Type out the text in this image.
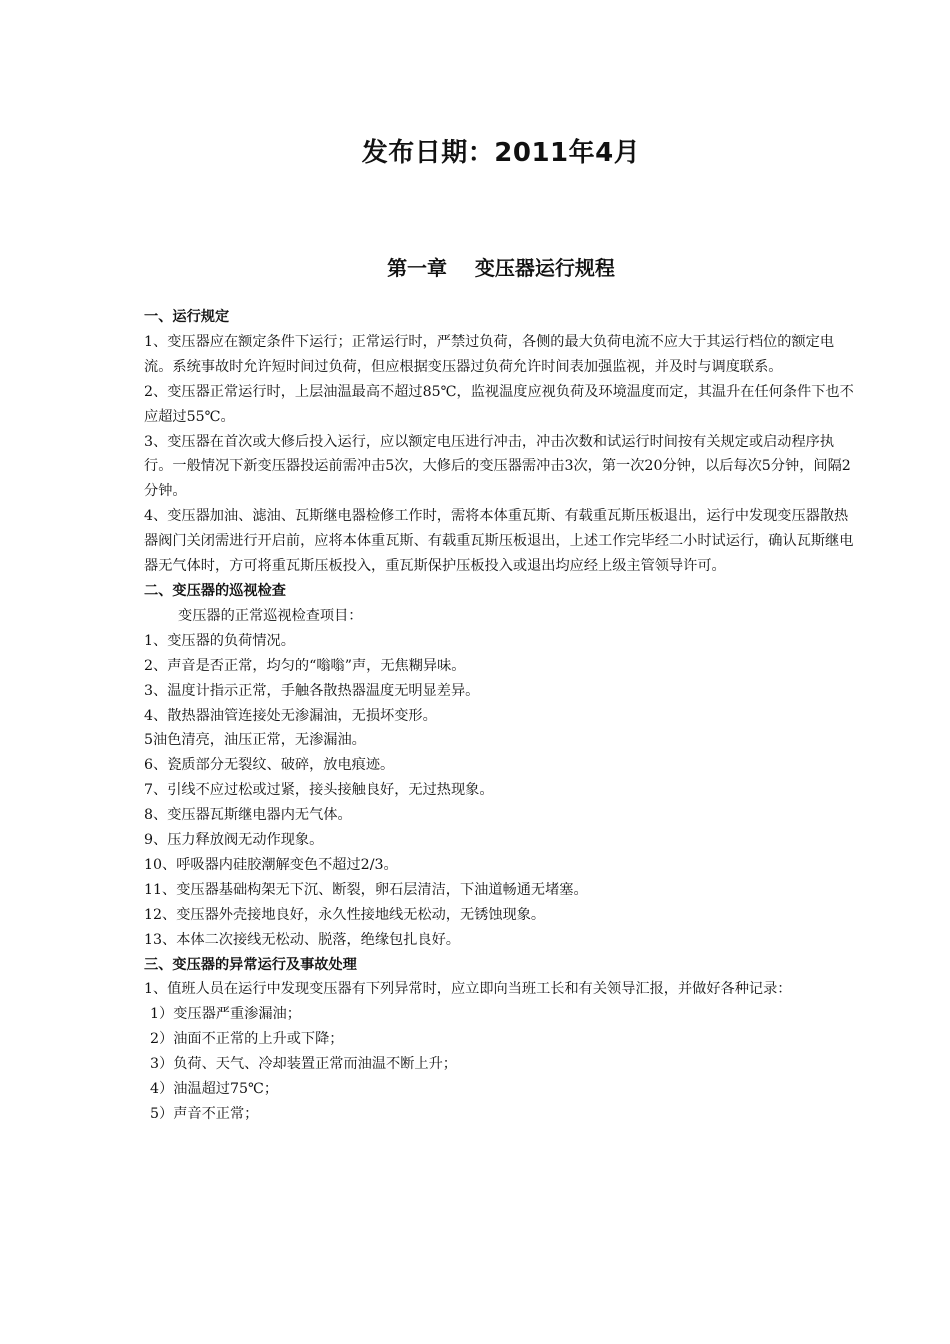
发布日期：2011年4月
第一章    变压器运行规程

一、运行规定

1、变压器应在额定条件下运行；正常运行时，严禁过负荷，各侧的最大负荷电流不应大于其运行档位的额定电流。系统事故时允许短时间过负荷，但应根据变压器过负荷允许时间表加强监视，并及时与调度联系。

2、变压器正常运行时，上层油温最高不超过85℃，监视温度应视负荷及环境温度而定，其温升在任何条件下也不应超过55℃。

3、变压器在首次或大修后投入运行，应以额定电压进行冲击，冲击次数和试运行时间按有关规定或启动程序执行。一般情况下新变压器投运前需冲击5次，大修后的变压器需冲击3次，第一次20分钟，以后每次5分钟，间隔2分钟。

4、变压器加油、滤油、瓦斯继电器检修工作时，需将本体重瓦斯、有载重瓦斯压板退出，运行中发现变压器散热器阀门关闭需进行开启前，应将本体重瓦斯、有载重瓦斯压板退出，上述工作完毕经二小时试运行，确认瓦斯继电器无气体时，方可将重瓦斯压板投入，重瓦斯保护压板投入或退出均应经上级主管领导许可。

二、变压器的巡视检查

变压器的正常巡视检查项目：

1、变压器的负荷情况。

2、声音是否正常，均匀的“嗡嗡”声，无焦糊异味。

3、温度计指示正常，手触各散热器温度无明显差异。

4、散热器油管连接处无渗漏油，无损坏变形。

5油色清亮，油压正常，无渗漏油。

6、瓷质部分无裂纹、破碎，放电痕迹。

7、引线不应过松或过紧，接头接触良好，无过热现象。

8、变压器瓦斯继电器内无气体。

9、压力释放阀无动作现象。

10、呼吸器内硅胶潮解变色不超过2/3。

11、变压器基础构架无下沉、断裂，卵石层清洁，下油道畅通无堵塞。

12、变压器外壳接地良好，永久性接地线无松动，无锈蚀现象。

13、本体二次接线无松动、脱落，绝缘包扎良好。

三、变压器的异常运行及事故处理

1、值班人员在运行中发现变压器有下列异常时，应立即向当班工长和有关领导汇报，并做好各种记录：

1）变压器严重渗漏油；

2）油面不正常的上升或下降；

3）负荷、天气、冷却装置正常而油温不断上升；

4）油温超过75℃；

5）声音不正常；
